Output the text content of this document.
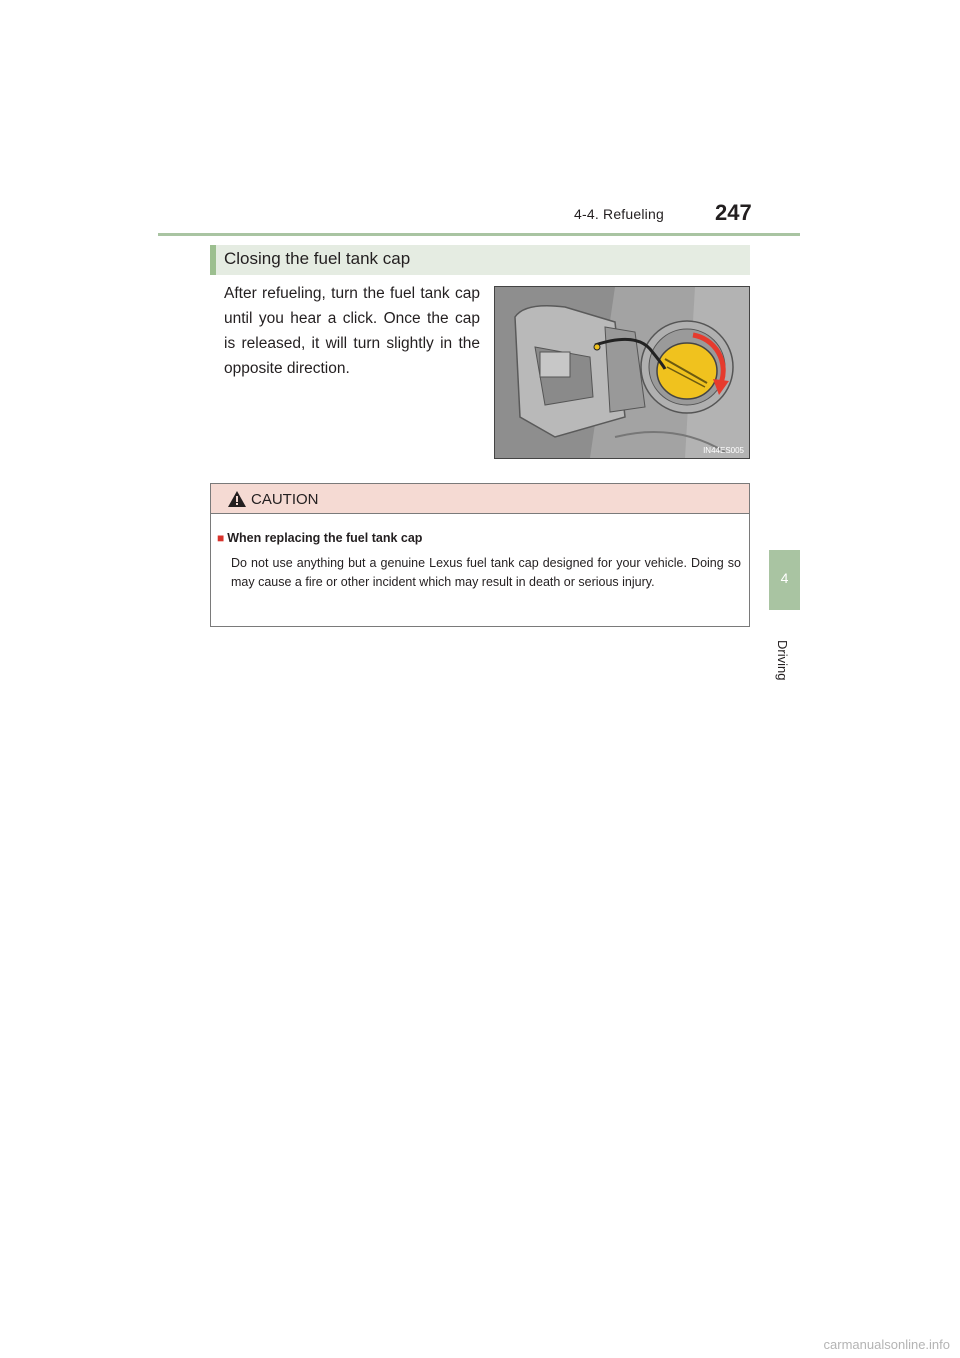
4-4. Refueling 247
4
Driving
Closing the fuel tank cap
After refueling, turn the fuel tank cap until you hear a click. Once the cap is released, it will turn slightly in the opposite direction.
IN44ES005
CAUTION
■ When replacing the fuel tank cap
Do not use anything but a genuine Lexus fuel tank cap designed for your vehicle. Doing so may cause a fire or other incident which may result in death or serious injury.
carmanualsonline.info
